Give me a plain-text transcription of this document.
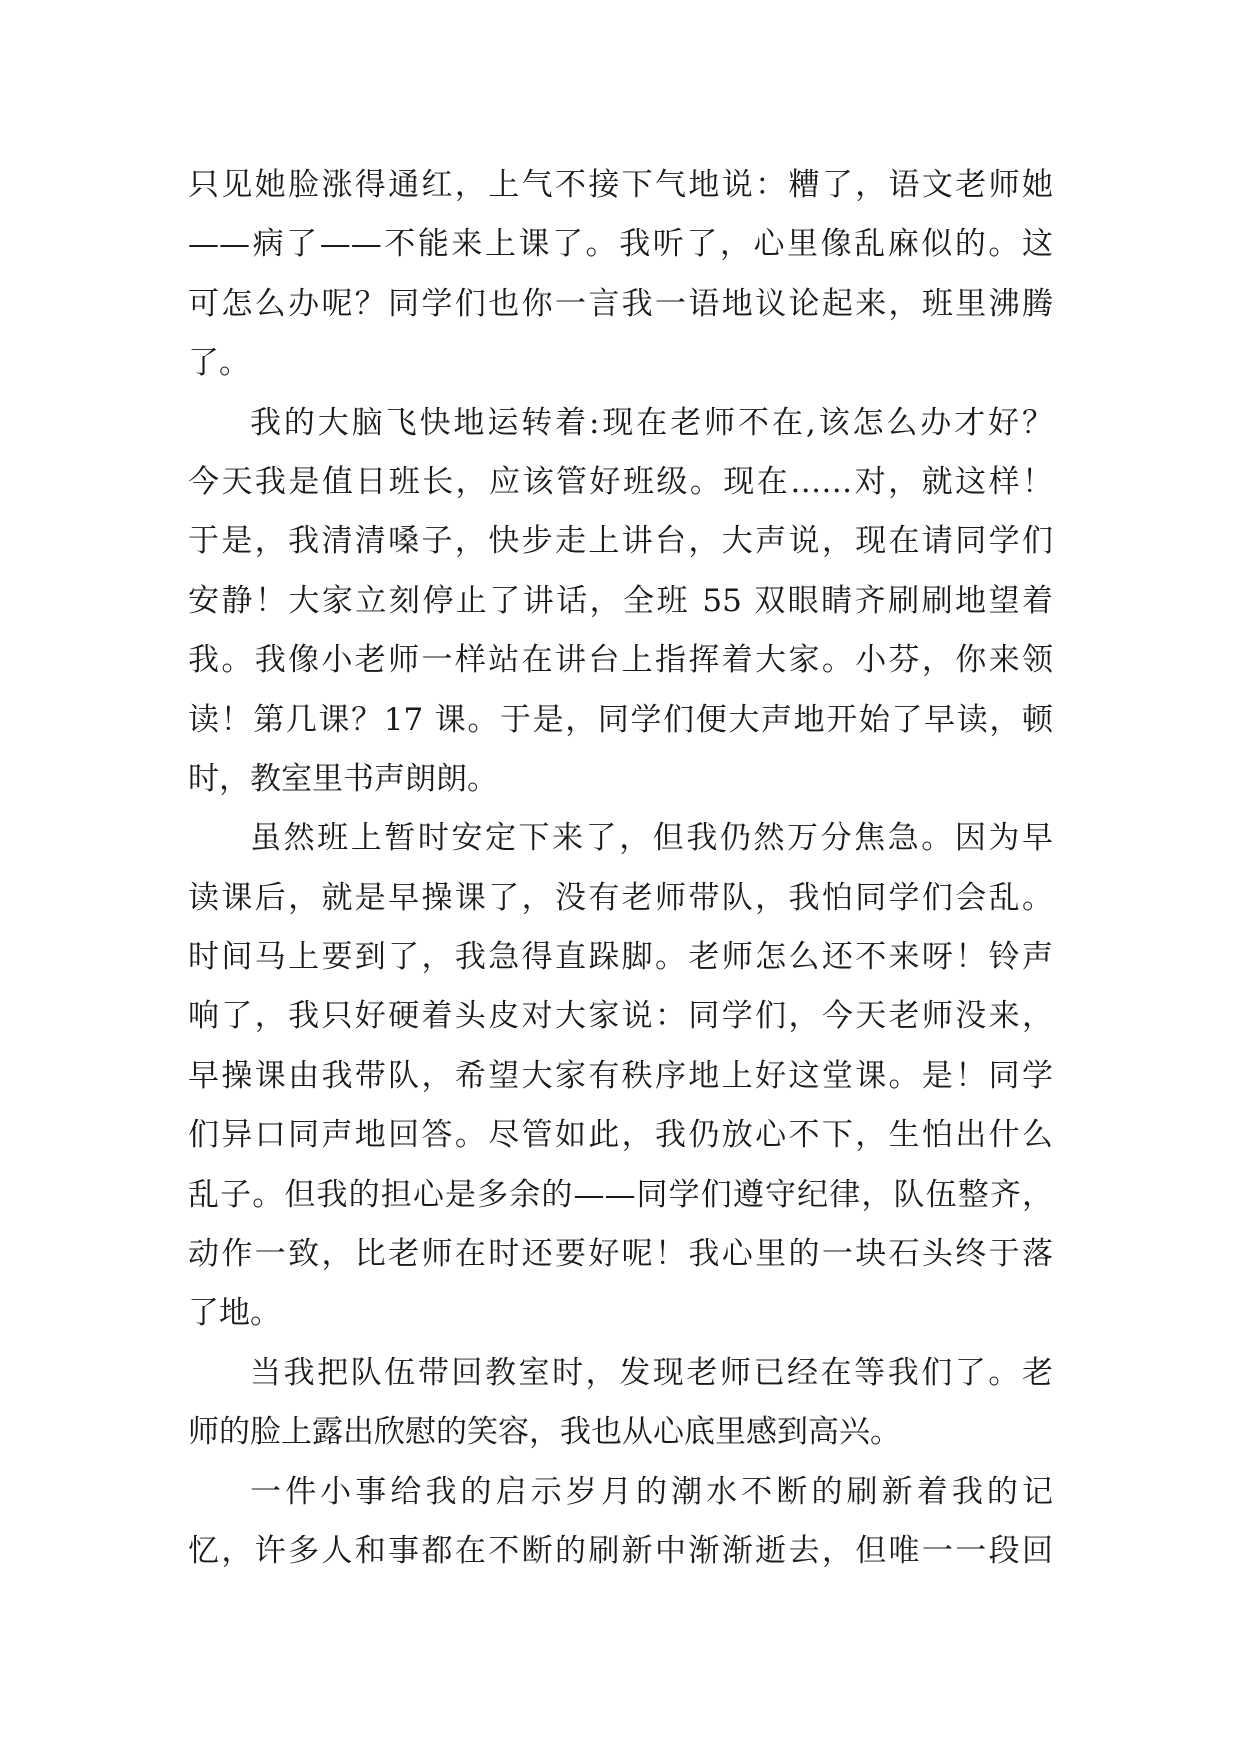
只见她脸涨得通红，上气不接下气地说：糟了，语文老师她
——病了——不能来上课了。我听了，心里像乱麻似的。这
可怎么办呢？同学们也你一言我一语地议论起来，班里沸腾
了。
我的大脑飞快地运转着:现在老师不在,该怎么办才好？
今天我是值日班长，应该管好班级。现在……对，就这样！
于是，我清清嗓子，快步走上讲台，大声说，现在请同学们
安静！大家立刻停止了讲话，全班 55 双眼睛齐刷刷地望着
我。我像小老师一样站在讲台上指挥着大家。小芬，你来领
读！第几课？17 课。于是，同学们便大声地开始了早读，顿
时，教室里书声朗朗。
虽然班上暂时安定下来了，但我仍然万分焦急。因为早
读课后，就是早操课了，没有老师带队，我怕同学们会乱。
时间马上要到了，我急得直跺脚。老师怎么还不来呀！铃声
响了，我只好硬着头皮对大家说：同学们，今天老师没来，
早操课由我带队，希望大家有秩序地上好这堂课。是！同学
们异口同声地回答。尽管如此，我仍放心不下，生怕出什么
乱子。但我的担心是多余的——同学们遵守纪律，队伍整齐，
动作一致，比老师在时还要好呢！我心里的一块石头终于落
了地。
当我把队伍带回教室时，发现老师已经在等我们了。老
师的脸上露出欣慰的笑容，我也从心底里感到高兴。
一件小事给我的启示岁月的潮水不断的刷新着我的记
忆，许多人和事都在不断的刷新中渐渐逝去，但唯一一段回
